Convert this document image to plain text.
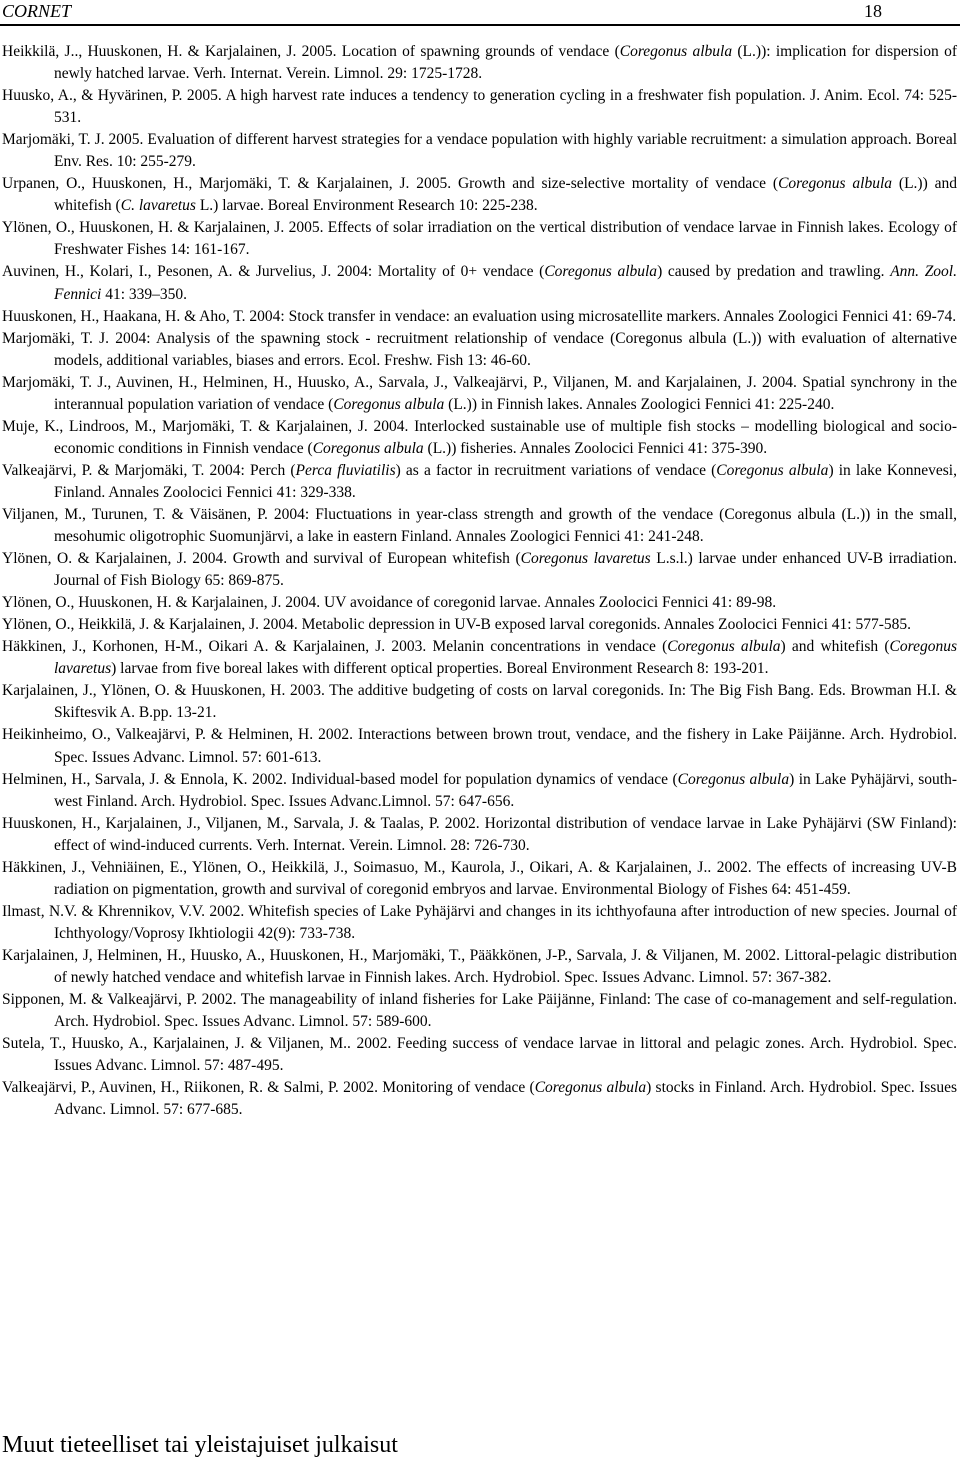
CORNET	18

Heikkilä, J.., Huuskonen, H. & Karjalainen, J. 2005. Location of spawning grounds of vendace (Coregonus albula (L.)): implication for dispersion of newly hatched larvae. Verh. Internat. Verein. Limnol. 29: 1725-1728.

Huusko, A., & Hyvärinen, P. 2005. A high harvest rate induces a tendency to generation cycling in a freshwater fish population. J. Anim. Ecol. 74: 525-531.

Marjomäki, T. J. 2005. Evaluation of different harvest strategies for a vendace population with highly variable recruitment: a simulation approach. Boreal Env. Res. 10: 255-279.

Urpanen, O., Huuskonen, H., Marjomäki, T. & Karjalainen, J. 2005. Growth and size-selective mortality of vendace (Coregonus albula (L.)) and whitefish (C. lavaretus L.) larvae. Boreal Environment Research 10: 225-238.

Ylönen, O., Huuskonen, H. & Karjalainen, J. 2005. Effects of solar irradiation on the vertical distribution of vendace larvae in Finnish lakes. Ecology of Freshwater Fishes 14: 161-167.

Auvinen, H., Kolari, I., Pesonen, A. & Jurvelius, J. 2004: Mortality of 0+ vendace (Coregonus albula) caused by predation and trawling. Ann. Zool. Fennici 41: 339–350.

Huuskonen, H., Haakana, H. & Aho, T. 2004: Stock transfer in vendace: an evaluation using microsatellite markers. Annales Zoologici Fennici 41: 69-74.

Marjomäki, T. J. 2004: Analysis of the spawning stock - recruitment relationship of vendace (Coregonus albula (L.)) with evaluation of alternative models, additional variables, biases and errors. Ecol. Freshw. Fish 13: 46-60.

Marjomäki, T. J., Auvinen, H., Helminen, H., Huusko, A., Sarvala, J., Valkeajärvi, P., Viljanen, M. and Karjalainen, J. 2004. Spatial synchrony in the interannual population variation of vendace (Coregonus albula (L.)) in Finnish lakes. Annales Zoologici Fennici 41: 225-240.

Muje, K., Lindroos, M., Marjomäki, T. & Karjalainen, J. 2004. Interlocked sustainable use of multiple fish stocks – modelling biological and socio-economic conditions in Finnish vendace (Coregonus albula (L.)) fisheries. Annales Zoolocici Fennici 41: 375-390.

Valkeajärvi, P. & Marjomäki, T. 2004: Perch (Perca fluviatilis) as a factor in recruitment variations of vendace (Coregonus albula) in lake Konnevesi, Finland. Annales Zoolocici Fennici 41: 329-338.

Viljanen, M., Turunen, T. & Väisänen, P. 2004: Fluctuations in year-class strength and growth of the vendace (Coregonus albula (L.)) in the small, mesohumic oligotrophic Suomunjärvi, a lake in eastern Finland. Annales Zoologici Fennici 41: 241-248.

Ylönen, O. & Karjalainen, J. 2004. Growth and survival of European whitefish (Coregonus lavaretus L.s.l.) larvae under enhanced UV-B irradiation. Journal of Fish Biology 65: 869-875.

Ylönen, O., Huuskonen, H. & Karjalainen, J. 2004. UV avoidance of coregonid larvae. Annales Zoolocici Fennici 41: 89-98.

Ylönen, O., Heikkilä, J. & Karjalainen, J. 2004. Metabolic depression in UV-B exposed larval coregonids. Annales Zoolocici Fennici 41: 577-585.

Häkkinen, J., Korhonen, H-M., Oikari A. & Karjalainen, J. 2003. Melanin concentrations in vendace (Coregonus albula) and whitefish (Coregonus lavaretus) larvae from five boreal lakes with different optical properties. Boreal Environment Research 8: 193-201.

Karjalainen, J., Ylönen, O. & Huuskonen, H. 2003. The additive budgeting of costs on larval coregonids. In: The Big Fish Bang. Eds. Browman H.I. & Skiftesvik A. B.pp. 13-21.

Heikinheimo, O., Valkeajärvi, P. & Helminen, H. 2002. Interactions between brown trout, vendace, and the fishery in Lake Päijänne. Arch. Hydrobiol. Spec. Issues Advanc. Limnol. 57: 601-613.

Helminen, H., Sarvala, J. & Ennola, K. 2002. Individual-based model for population dynamics of vendace (Coregonus albula) in Lake Pyhäjärvi, south-west Finland. Arch. Hydrobiol. Spec. Issues Advanc.Limnol. 57: 647-656.

Huuskonen, H., Karjalainen, J., Viljanen, M., Sarvala, J. & Taalas, P. 2002. Horizontal distribution of vendace larvae in Lake Pyhäjärvi (SW Finland): effect of wind-induced currents. Verh. Internat. Verein. Limnol. 28: 726-730.

Häkkinen, J., Vehniäinen, E., Ylönen, O., Heikkilä, J., Soimasuo, M., Kaurola, J., Oikari, A. & Karjalainen, J.. 2002. The effects of increasing UV-B radiation on pigmentation, growth and survival of coregonid embryos and larvae. Environmental Biology of Fishes 64: 451-459.

Ilmast, N.V. & Khrennikov, V.V. 2002. Whitefish species of Lake Pyhäjärvi and changes in its ichthyofauna after introduction of new species. Journal of Ichthyology/Voprosy Ikhtiologii 42(9): 733-738.

Karjalainen, J, Helminen, H., Huusko, A., Huuskonen, H., Marjomäki, T., Pääkkönen, J-P., Sarvala, J. & Viljanen, M. 2002. Littoral-pelagic distribution of newly hatched vendace and whitefish larvae in Finnish lakes. Arch. Hydrobiol. Spec. Issues Advanc. Limnol. 57: 367-382.

Sipponen, M. & Valkeajärvi, P. 2002. The manageability of inland fisheries for Lake Päijänne, Finland: The case of co-management and self-regulation. Arch. Hydrobiol. Spec. Issues Advanc. Limnol. 57: 589-600.

Sutela, T., Huusko, A., Karjalainen, J. & Viljanen, M.. 2002. Feeding success of vendace larvae in littoral and pelagic zones. Arch. Hydrobiol. Spec. Issues Advanc. Limnol. 57: 487-495.

Valkeajärvi, P., Auvinen, H., Riikonen, R. & Salmi, P. 2002. Monitoring of vendace (Coregonus albula) stocks in Finland. Arch. Hydrobiol. Spec. Issues Advanc. Limnol. 57: 677-685.

Muut tieteelliset tai yleistajuiset julkaisut
